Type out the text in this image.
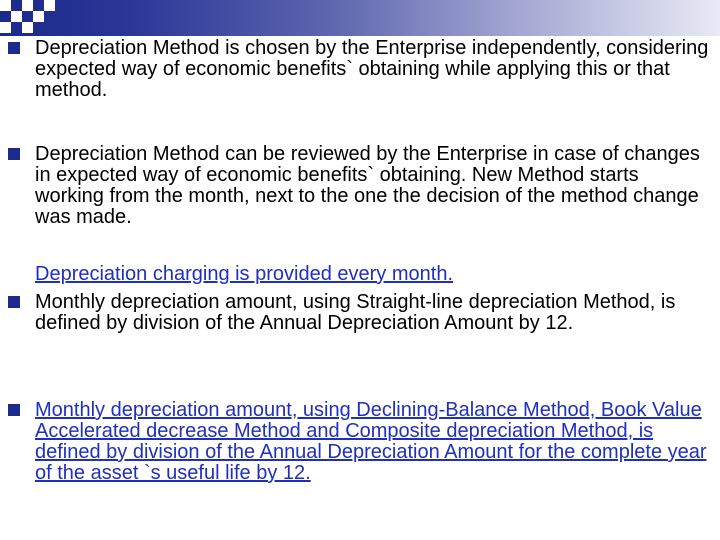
Depreciation Method is chosen by the Enterprise independently, considering expected way of economic benefits` obtaining while applying this or that method.
Depreciation Method can be reviewed by the Enterprise in case of changes in expected way of economic benefits` obtaining. New Method starts working from the month, next to the one the decision of the method change was made.
Depreciation charging is provided every month.
Monthly depreciation amount, using Straight-line depreciation Method, is defined by division of the Annual Depreciation Amount by 12.
Monthly depreciation amount, using Declining-Balance Method, Book Value Accelerated decrease Method and Composite depreciation Method, is defined by division of the Annual Depreciation Amount for the complete year of the asset `s useful life by 12.
